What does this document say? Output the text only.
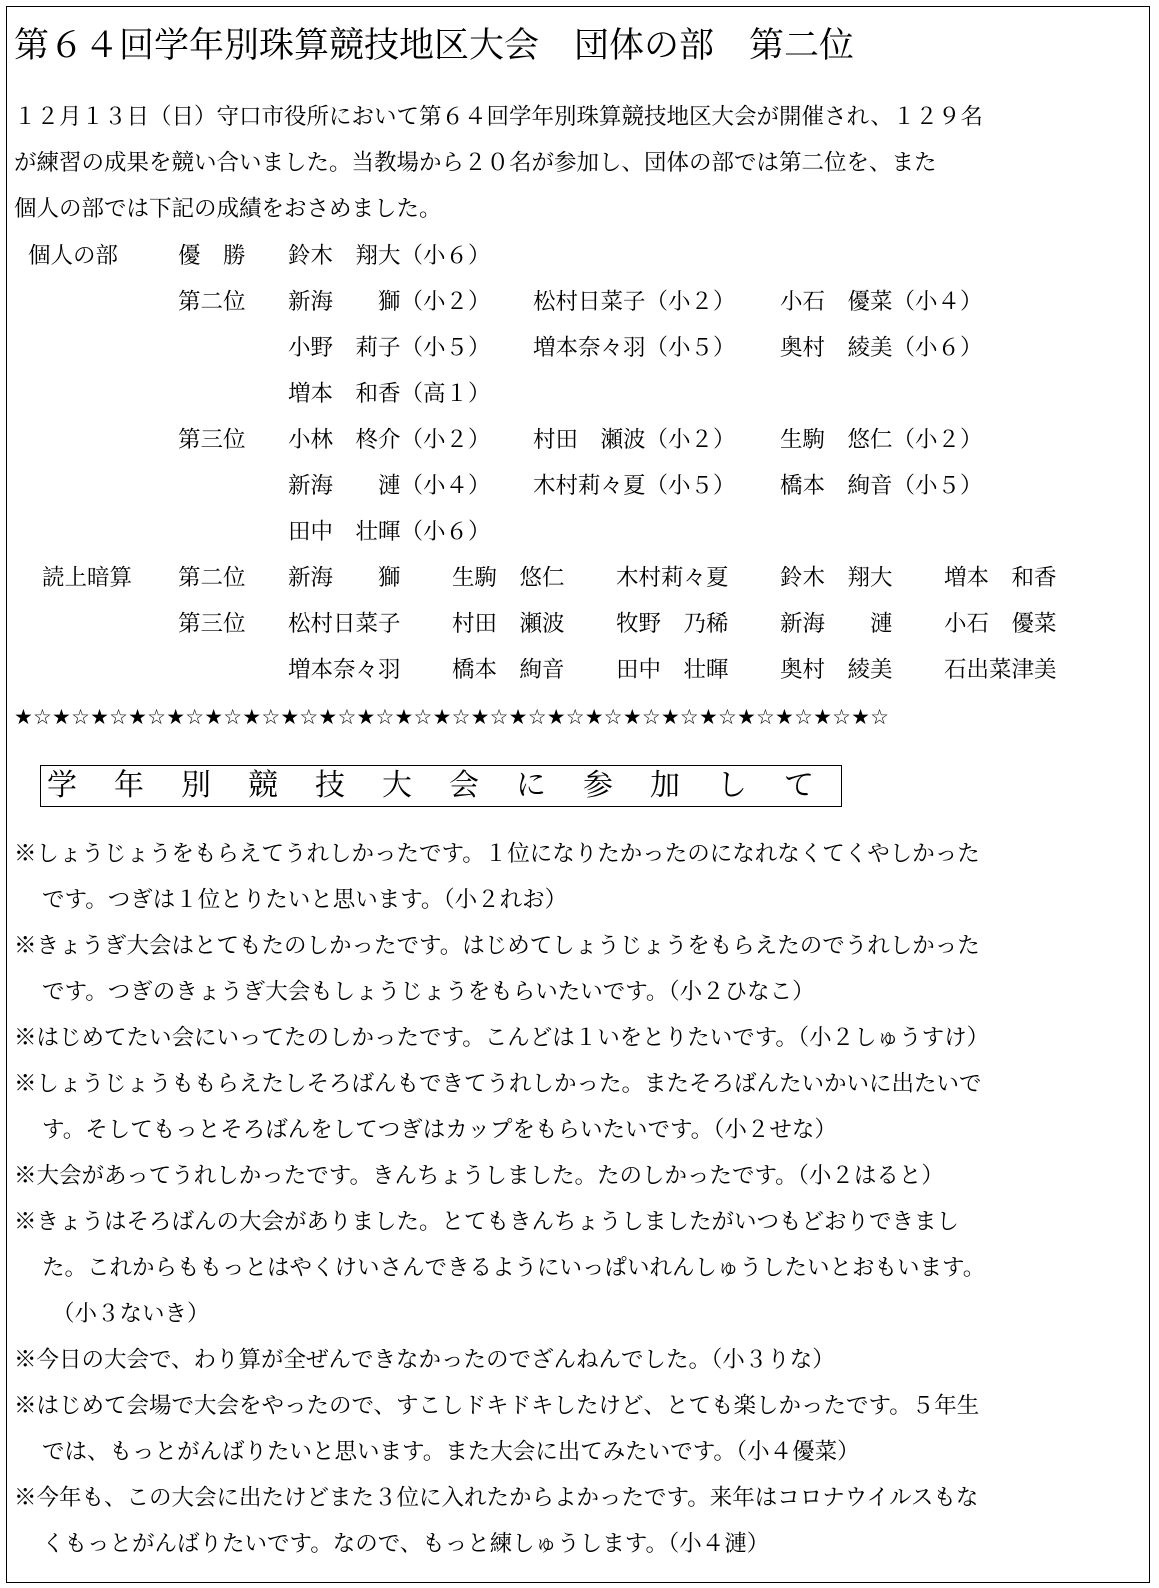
第６４回学年別珠算競技地区大会　団体の部　第二位
１２月１３日（日）守口市役所において第６４回学年別珠算競技地区大会が開催され、１２９名
が練習の成果を競い合いました。当教場から２０名が参加し、団体の部では第二位を、また
個人の部では下記の成績をおさめました。
個人の部	優　勝 鈴木　翔大（小６）
第二位 新海　　獅（小２） 松村日菜子（小２） 小石　優菜（小４）
小野　莉子（小５） 増本奈々羽（小５） 奥村　綾美（小６）
増本　和香（高１）
第三位 小林　柊介（小２） 村田　瀬波（小２） 生駒　悠仁（小２）
新海　　漣（小４） 木村莉々夏（小５） 橋本　絢音（小５）
田中　壮暉（小６）
読上暗算 第二位 新海　　獅 生駒　悠仁 木村莉々夏 鈴木　翔大 増本　和香
第三位 松村日菜子 村田　瀬波 牧野　乃稀 新海　　漣 小石　優菜
増本奈々羽 橋本　絢音 田中　壮暉 奥村　綾美 石出菜津美
★☆★☆★☆★☆★☆★☆★☆★☆★☆★☆★☆★☆★☆★☆★☆★☆★☆★☆★☆★☆★☆★☆★☆
学 年 別 競 技 大 会 に 参 加 し て
※しょうじょうをもらえてうれしかったです。１位になりたかったのになれなくてくやしかった
です。つぎは１位とりたいと思います。（小２れお）
※きょうぎ大会はとてもたのしかったです。はじめてしょうじょうをもらえたのでうれしかった
です。つぎのきょうぎ大会もしょうじょうをもらいたいです。（小２ひなこ）
※はじめてたい会にいってたのしかったです。こんどは１いをとりたいです。（小２しゅうすけ）
※しょうじょうももらえたしそろばんもできてうれしかった。またそろばんたいかいに出たいで
す。そしてもっとそろばんをしてつぎはカップをもらいたいです。（小２せな）
※大会があってうれしかったです。きんちょうしました。たのしかったです。（小２はると）
※きょうはそろばんの大会がありました。とてもきんちょうしましたがいつもどおりできまし
た。これからももっとはやくけいさんできるようにいっぱいれんしゅうしたいとおもいます。
（小３ないき）
※今日の大会で、わり算が全ぜんできなかったのでざんねんでした。（小３りな）
※はじめて会場で大会をやったので、すこしドキドキしたけど、とても楽しかったです。５年生
では、もっとがんばりたいと思います。また大会に出てみたいです。（小４優菜）
※今年も、この大会に出たけどまた３位に入れたからよかったです。来年はコロナウイルスもな
くもっとがんばりたいです。なので、もっと練しゅうします。（小４漣）
